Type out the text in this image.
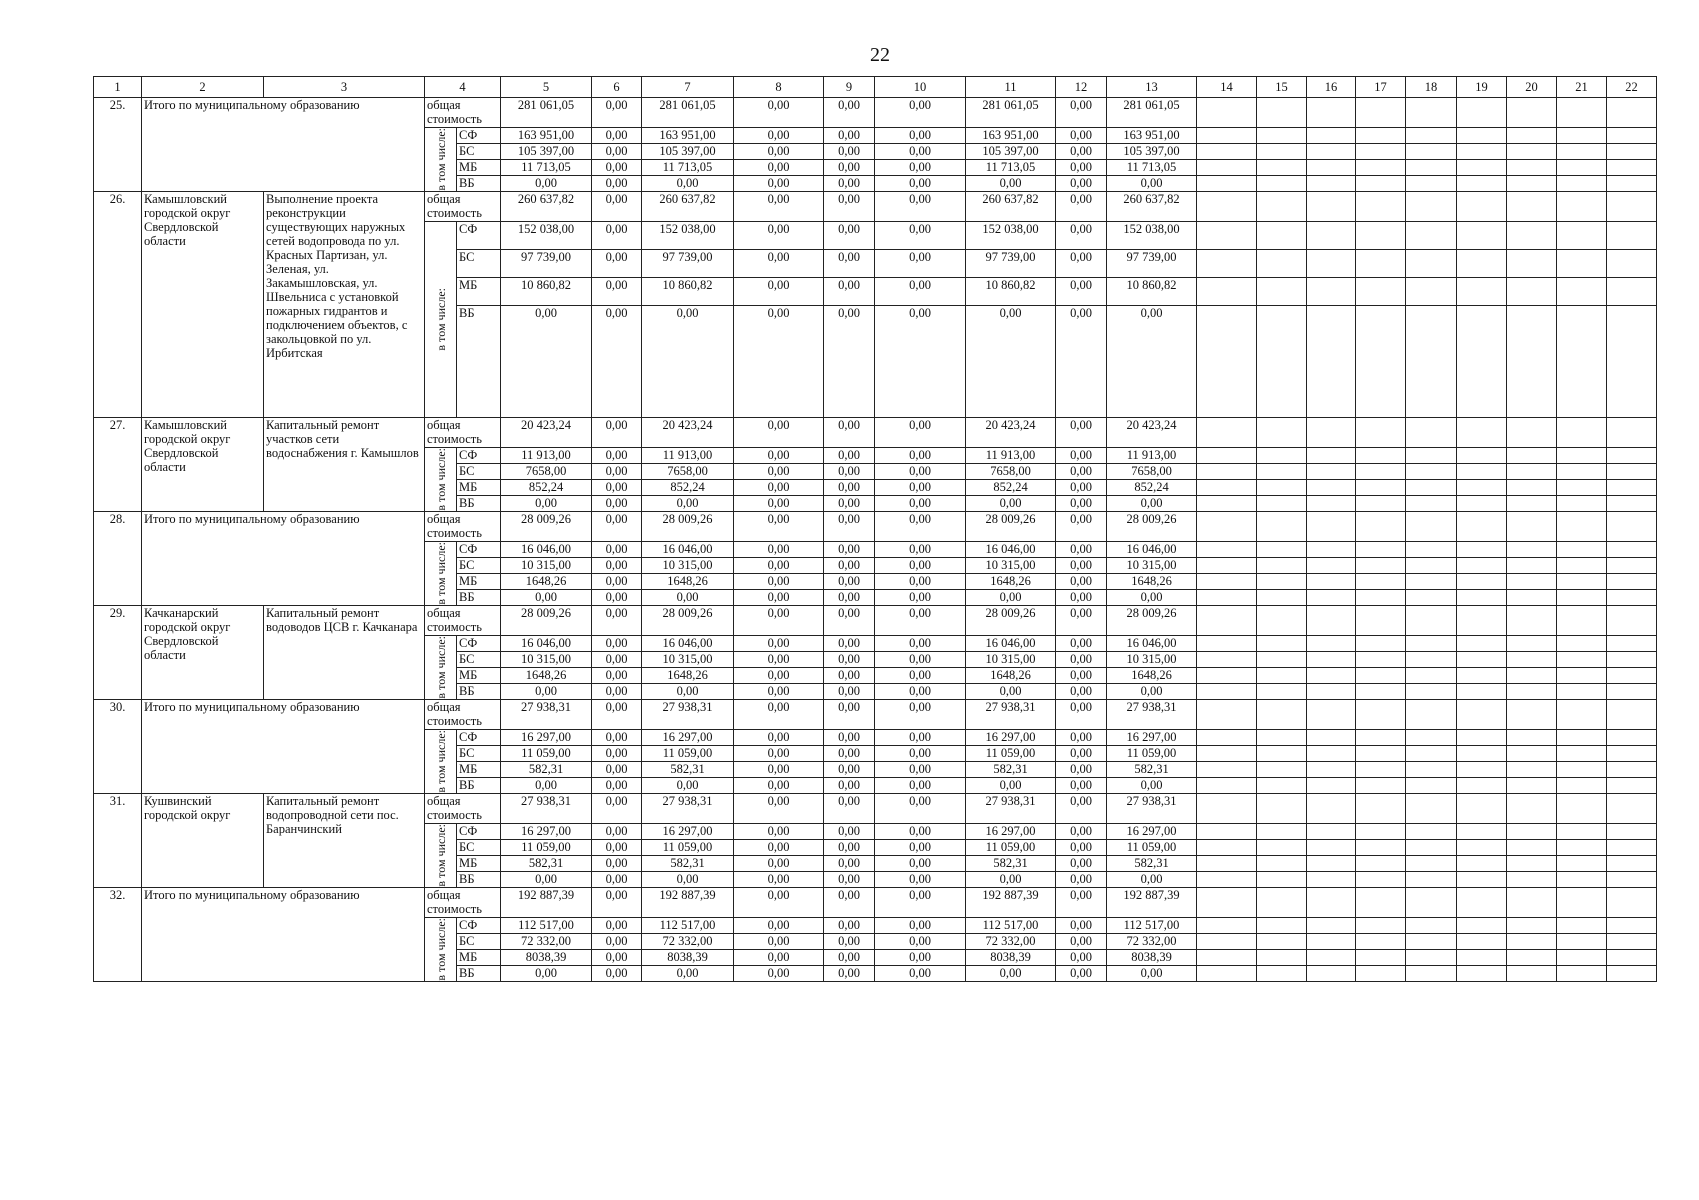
22
1	2	3	4		5	6	7	8	9	10	11	12	13	14	15	16	17	18	19	20	21	22
25.	Итого по муниципальному образованию		общая стоимость		281 061,05	0,00	281 061,05	0,00	0,00	0,00	281 061,05	0,00	281 061,05									

			в том числе:	СФ	163 951,00	0,00	163 951,00	0,00	0,00	0,00	163 951,00	0,00	163 951,00									
				БС	105 397,00	0,00	105 397,00	0,00	0,00	0,00	105 397,00	0,00	105 397,00									
				МБ	11 713,05	0,00	11 713,05	0,00	0,00	0,00	11 713,05	0,00	11 713,05									
				ВБ	0,00	0,00	0,00	0,00	0,00	0,00	0,00	0,00	0,00									
26.	Камышловский городской округ Свердловской области	Выполнение проекта реконструкции существующих наружных сетей водопровода по ул. Красных Партизан, ул. Зеленая, ул. Закамышловская, ул. Швельниса с установкой пожарных гидрантов и подключением объектов, с закольцовкой по ул. Ирбитская	общая стоимость		260 637,82	0,00	260 637,82	0,00	0,00	0,00	260 637,82	0,00	260 637,82									

			в том числе:	СФ	152 038,00	0,00	152 038,00	0,00	0,00	0,00	152 038,00	0,00	152 038,00									
				БС	97 739,00	0,00	97 739,00	0,00	0,00	0,00	97 739,00	0,00	97 739,00									
				МБ	10 860,82	0,00	10 860,82	0,00	0,00	0,00	10 860,82	0,00	10 860,82									
				ВБ	0,00	0,00	0,00	0,00	0,00	0,00	0,00	0,00	0,00									
27.	Камышловский городской округ Свердловской области	Капитальный ремонт участков сети водоснабжения г. Камышлов	общая стоимость		20 423,24	0,00	20 423,24	0,00	0,00	0,00	20 423,24	0,00	20 423,24									

			в том числе:	СФ	11 913,00	0,00	11 913,00	0,00	0,00	0,00	11 913,00	0,00	11 913,00									
				БС	7658,00	0,00	7658,00	0,00	0,00	0,00	7658,00	0,00	7658,00									
				МБ	852,24	0,00	852,24	0,00	0,00	0,00	852,24	0,00	852,24									
				ВБ	0,00	0,00	0,00	0,00	0,00	0,00	0,00	0,00	0,00									
28.	Итого по муниципальному образованию		общая стоимость		28 009,26	0,00	28 009,26	0,00	0,00	0,00	28 009,26	0,00	28 009,26									

			в том числе:	СФ	16 046,00	0,00	16 046,00	0,00	0,00	0,00	16 046,00	0,00	16 046,00									
				БС	10 315,00	0,00	10 315,00	0,00	0,00	0,00	10 315,00	0,00	10 315,00									
				МБ	1648,26	0,00	1648,26	0,00	0,00	0,00	1648,26	0,00	1648,26									
				ВБ	0,00	0,00	0,00	0,00	0,00	0,00	0,00	0,00	0,00									
29.	Качканарский городской округ Свердловской области	Капитальный ремонт водоводов ЦСВ г. Качканара	общая стоимость		28 009,26	0,00	28 009,26	0,00	0,00	0,00	28 009,26	0,00	28 009,26									

			в том числе:	СФ	16 046,00	0,00	16 046,00	0,00	0,00	0,00	16 046,00	0,00	16 046,00									
				БС	10 315,00	0,00	10 315,00	0,00	0,00	0,00	10 315,00	0,00	10 315,00									
				МБ	1648,26	0,00	1648,26	0,00	0,00	0,00	1648,26	0,00	1648,26									
				ВБ	0,00	0,00	0,00	0,00	0,00	0,00	0,00	0,00	0,00									
30.	Итого по муниципальному образованию		общая стоимость		27 938,31	0,00	27 938,31	0,00	0,00	0,00	27 938,31	0,00	27 938,31									

			в том числе:	СФ	16 297,00	0,00	16 297,00	0,00	0,00	0,00	16 297,00	0,00	16 297,00									
				БС	11 059,00	0,00	11 059,00	0,00	0,00	0,00	11 059,00	0,00	11 059,00									
				МБ	582,31	0,00	582,31	0,00	0,00	0,00	582,31	0,00	582,31									
				ВБ	0,00	0,00	0,00	0,00	0,00	0,00	0,00	0,00	0,00									
31.	Кушвинский городской округ	Капитальный ремонт водопроводной сети пос. Баранчинский	общая стоимость		27 938,31	0,00	27 938,31	0,00	0,00	0,00	27 938,31	0,00	27 938,31									

			в том числе:	СФ	16 297,00	0,00	16 297,00	0,00	0,00	0,00	16 297,00	0,00	16 297,00									
				БС	11 059,00	0,00	11 059,00	0,00	0,00	0,00	11 059,00	0,00	11 059,00									
				МБ	582,31	0,00	582,31	0,00	0,00	0,00	582,31	0,00	582,31									
				ВБ	0,00	0,00	0,00	0,00	0,00	0,00	0,00	0,00	0,00									
32.	Итого по муниципальному образованию		общая стоимость		192 887,39	0,00	192 887,39	0,00	0,00	0,00	192 887,39	0,00	192 887,39									

			в том числе:	СФ	112 517,00	0,00	112 517,00	0,00	0,00	0,00	112 517,00	0,00	112 517,00									
				БС	72 332,00	0,00	72 332,00	0,00	0,00	0,00	72 332,00	0,00	72 332,00									
				МБ	8038,39	0,00	8038,39	0,00	0,00	0,00	8038,39	0,00	8038,39									
				ВБ	0,00	0,00	0,00	0,00	0,00	0,00	0,00	0,00	0,00									
